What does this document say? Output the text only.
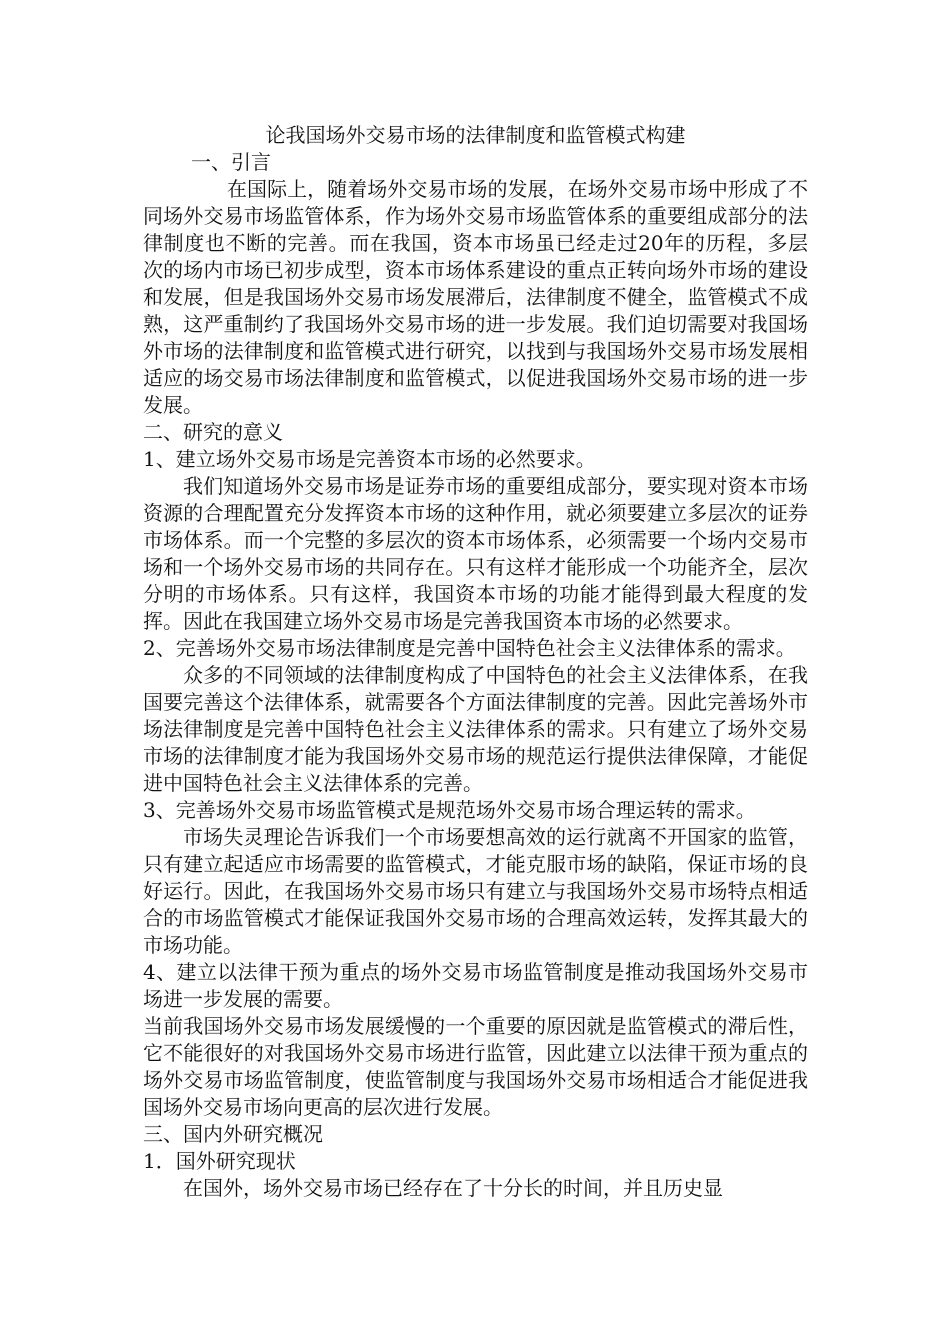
论我国场外交易市场的法律制度和监管模式构建

一、引言

在国际上，随着场外交易市场的发展，在场外交易市场中形成了不同场外交易市场监管体系，作为场外交易市场监管体系的重要组成部分的法律制度也不断的完善。而在我国，资本市场虽已经走过20年的历程，多层次的场内市场已初步成型，资本市场体系建设的重点正转向场外市场的建设和发展，但是我国场外交易市场发展滞后，法律制度不健全，监管模式不成熟，这严重制约了我国场外交易市场的进一步发展。我们迫切需要对我国场外市场的法律制度和监管模式进行研究，以找到与我国场外交易市场发展相适应的场交易市场法律制度和监管模式，以促进我国场外交易市场的进一步发展。

二、研究的意义

1、建立场外交易市场是完善资本市场的必然要求。

我们知道场外交易市场是证券市场的重要组成部分，要实现对资本市场资源的合理配置充分发挥资本市场的这种作用，就必须要建立多层次的证券市场体系。而一个完整的多层次的资本市场体系，必须需要一个场内交易市场和一个场外交易市场的共同存在。只有这样才能形成一个功能齐全，层次分明的市场体系。只有这样，我国资本市场的功能才能得到最大程度的发挥。因此在我国建立场外交易市场是完善我国资本市场的必然要求。

2、完善场外交易市场法律制度是完善中国特色社会主义法律体系的需求。

众多的不同领域的法律制度构成了中国特色的社会主义法律体系，在我国要完善这个法律体系，就需要各个方面法律制度的完善。因此完善场外市场法律制度是完善中国特色社会主义法律体系的需求。只有建立了场外交易市场的法律制度才能为我国场外交易市场的规范运行提供法律保障，才能促进中国特色社会主义法律体系的完善。

3、完善场外交易市场监管模式是规范场外交易市场合理运转的需求。

市场失灵理论告诉我们一个市场要想高效的运行就离不开国家的监管，只有建立起适应市场需要的监管模式，才能克服市场的缺陷，保证市场的良好运行。因此，在我国场外交易市场只有建立与我国场外交易市场特点相适合的市场监管模式才能保证我国外交易市场的合理高效运转，发挥其最大的市场功能。

4、建立以法律干预为重点的场外交易市场监管制度是推动我国场外交易市场进一步发展的需要。

当前我国场外交易市场发展缓慢的一个重要的原因就是监管模式的滞后性，它不能很好的对我国场外交易市场进行监管，因此建立以法律干预为重点的场外交易市场监管制度，使监管制度与我国场外交易市场相适合才能促进我国场外交易市场向更高的层次进行发展。

三、国内外研究概况

1．国外研究现状

在国外，场外交易市场已经存在了十分长的时间，并且历史显
